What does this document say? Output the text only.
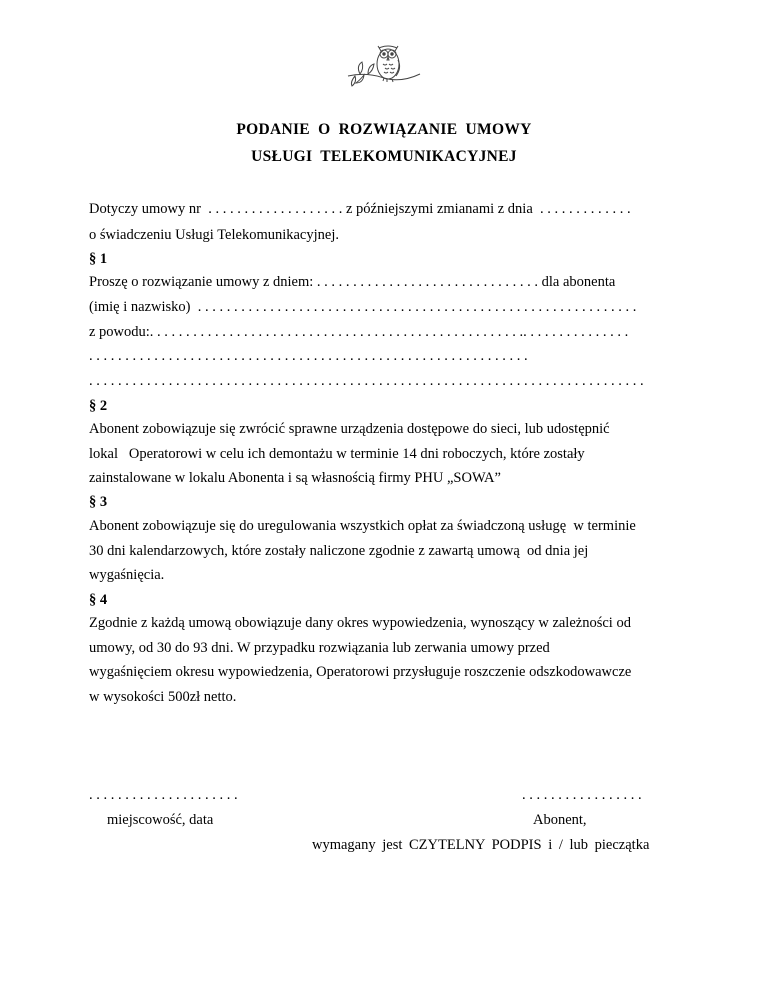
PODANIE O ROZWIĄZANIE UMOWY
USŁUGI TELEKOMUNIKACYJNEJ
Dotyczy umowy nr  . . . . . . . . . . . . . . . . . . . z późniejszymi zmianami z dnia  . . . . . . . . . . . . .
o świadczeniu Usługi Telekomunikacyjnej.
§ 1
Proszę o rozwiązanie umowy z dniem: . . . . . . . . . . . . . . . . . . . . . . . . . . . . . . . dla abonenta
(imię i nazwisko)  . . . . . . . . . . . . . . . . . . . . . . . . . . . . . . . . . . . . . . . . . . . . . . . . . . . . . . . . . . . . .
z powodu:. . . . . . . . . . . . . . . . . . . . . . . . . . . . . . . . . . . . . . . . . . . . . . . . . . . .. . . . . . . . . . . . . . .
. . . . . . . . . . . . . . . . . . . . . . . . . . . . . . . . . . . . . . . . . . . . . . . . . . . . . . . . . . . . .
. . . . . . . . . . . . . . . . . . . . . . . . . . . . . . . . . . . . . . . . . . . . . . . . . . . . . . . . . . . . . . . . . . . . . . . . . . . . .
§ 2
Abonent zobowiązuje się zwrócić sprawne urządzenia dostępowe do sieci, lub udostępnić
lokal   Operatorowi w celu ich demontażu w terminie 14 dni roboczych, które zostały
zainstalowane w lokalu Abonenta i są własnością firmy PHU „SOWA”
§ 3
Abonent zobowiązuje się do uregulowania wszystkich opłat za świadczoną usługę  w terminie
30 dni kalendarzowych, które zostały naliczone zgodnie z zawartą umową  od dnia jej
wygaśnięcia.
§ 4
Zgodnie z każdą umową obowiązuje dany okres wypowiedzenia, wynoszący w zależności od
umowy, od 30 do 93 dni. W przypadku rozwiązania lub zerwania umowy przed
wygaśnięciem okresu wypowiedzenia, Operatorowi przysługuje roszczenie odszkodowawcze
w wysokości 500zł netto.
. . . . . . . . . . . . . . . . . . . . .	. . . . . . . . . . . . . . . . .
miejscowość, data	Abonent,
wymagany jest CZYTELNY PODPIS i / lub pieczątka
